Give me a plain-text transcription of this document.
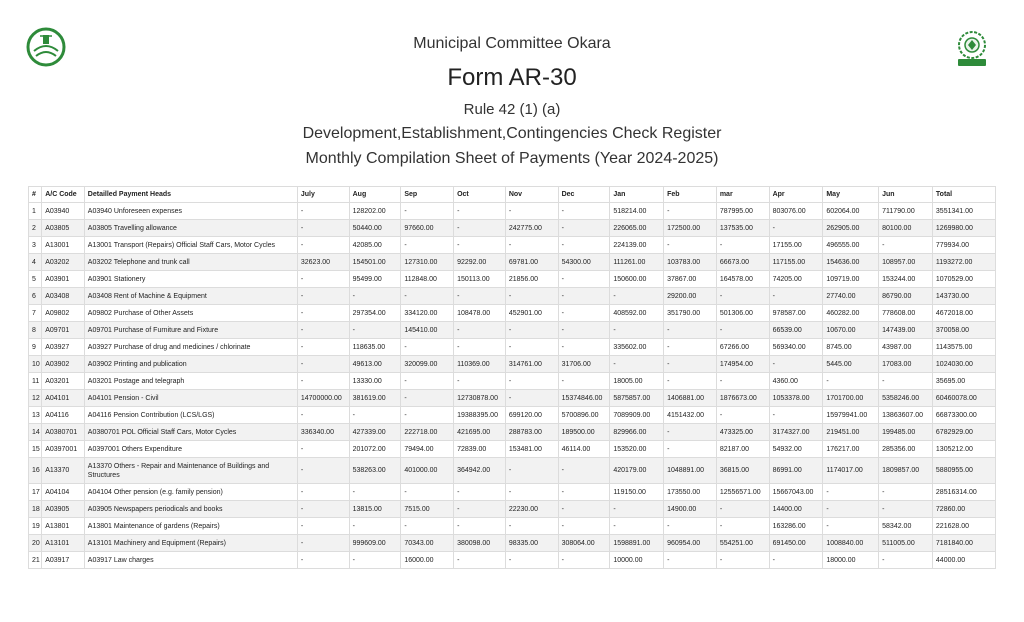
Municipal Committee Okara
Form AR-30
Rule 42 (1) (a)
Development,Establishment,Contingencies Check Register
Monthly Compilation Sheet of Payments (Year 2024-2025)
#	A/C Code	Detailled Payment Heads	July	Aug	Sep	Oct	Nov	Dec	Jan	Feb	mar	Apr	May	Jun	Total
1	A03940	A03940 Unforeseen expenses	-	128202.00	-	-	-	-	518214.00	-	787995.00	803076.00	602064.00	711790.00	3551341.00
2	A03805	A03805 Travelling allowance	-	50440.00	97660.00	-	242775.00	-	226065.00	172500.00	137535.00	-	262905.00	80100.00	1269980.00
3	A13001	A13001 Transport (Repairs) Official Staff Cars, Motor Cycles	-	42085.00	-	-	-	-	224139.00	-	-	17155.00	496555.00	-	779934.00
4	A03202	A03202 Telephone and trunk call	32623.00	154501.00	127310.00	92292.00	69781.00	54300.00	111261.00	103783.00	66673.00	117155.00	154636.00	108957.00	1193272.00
5	A03901	A03901 Stationery	-	95499.00	112848.00	150113.00	21856.00	-	150600.00	37867.00	164578.00	74205.00	109719.00	153244.00	1070529.00
6	A03408	A03408 Rent of Machine & Equipment	-	-	-	-	-	-	-	29200.00	-	-	27740.00	86790.00	143730.00
7	A09802	A09802 Purchase of Other Assets	-	297354.00	334120.00	108478.00	452901.00	-	408592.00	351790.00	501306.00	978587.00	460282.00	778608.00	4672018.00
8	A09701	A09701 Purchase of Furniture and Fixture	-	-	145410.00	-	-	-	-	-	-	66539.00	10670.00	147439.00	370058.00
9	A03927	A03927 Purchase of drug and medicines / chlorinate	-	118635.00	-	-	-	-	335602.00	-	67266.00	569340.00	8745.00	43987.00	1143575.00
10	A03902	A03902 Printing and publication	-	49613.00	320099.00	110369.00	314761.00	31706.00	-	-	174954.00	-	5445.00	17083.00	1024030.00
11	A03201	A03201 Postage and telegraph	-	13330.00	-	-	-	-	18005.00	-	-	4360.00	-	-	35695.00
12	A04101	A04101 Pension - Civil	14700000.00	381619.00	-	12730878.00	-	15374846.00	5875857.00	1406881.00	1876673.00	1053378.00	1701700.00	5358246.00	60460078.00
13	A04116	A04116 Pension Contribution (LCS/LGS)	-	-	-	19388395.00	699120.00	5700896.00	7089909.00	4151432.00	-	-	15979941.00	13863607.00	66873300.00
14	A0380701	A0380701 POL Official Staff Cars, Motor Cycles	336340.00	427339.00	222718.00	421695.00	288783.00	189500.00	829966.00	-	473325.00	3174327.00	219451.00	199485.00	6782929.00
15	A0397001	A0397001 Others Expenditure	-	201072.00	79494.00	72839.00	153481.00	46114.00	153520.00	-	82187.00	54932.00	176217.00	285356.00	1305212.00
16	A13370	A13370 Others - Repair and Maintenance of Buildings and Structures	-	538263.00	401000.00	364942.00	-	-	420179.00	1048891.00	36815.00	86991.00	1174017.00	1809857.00	5880955.00
17	A04104	A04104 Other pension (e.g. family pension)	-	-	-	-	-	-	119150.00	173550.00	12556571.00	15667043.00	-	-	28516314.00
18	A03905	A03905 Newspapers periodicals and books	-	13815.00	7515.00	-	22230.00	-	-	14900.00	-	14400.00	-	-	72860.00
19	A13801	A13801 Maintenance of gardens (Repairs)	-	-	-	-	-	-	-	-	-	163286.00	-	58342.00	221628.00
20	A13101	A13101 Machinery and Equipment (Repairs)	-	999609.00	70343.00	380098.00	98335.00	308064.00	1598891.00	960954.00	554251.00	691450.00	1008840.00	511005.00	7181840.00
21	A03917	A03917 Law charges	-	-	16000.00	-	-	-	10000.00	-	-	-	18000.00	-	44000.00
